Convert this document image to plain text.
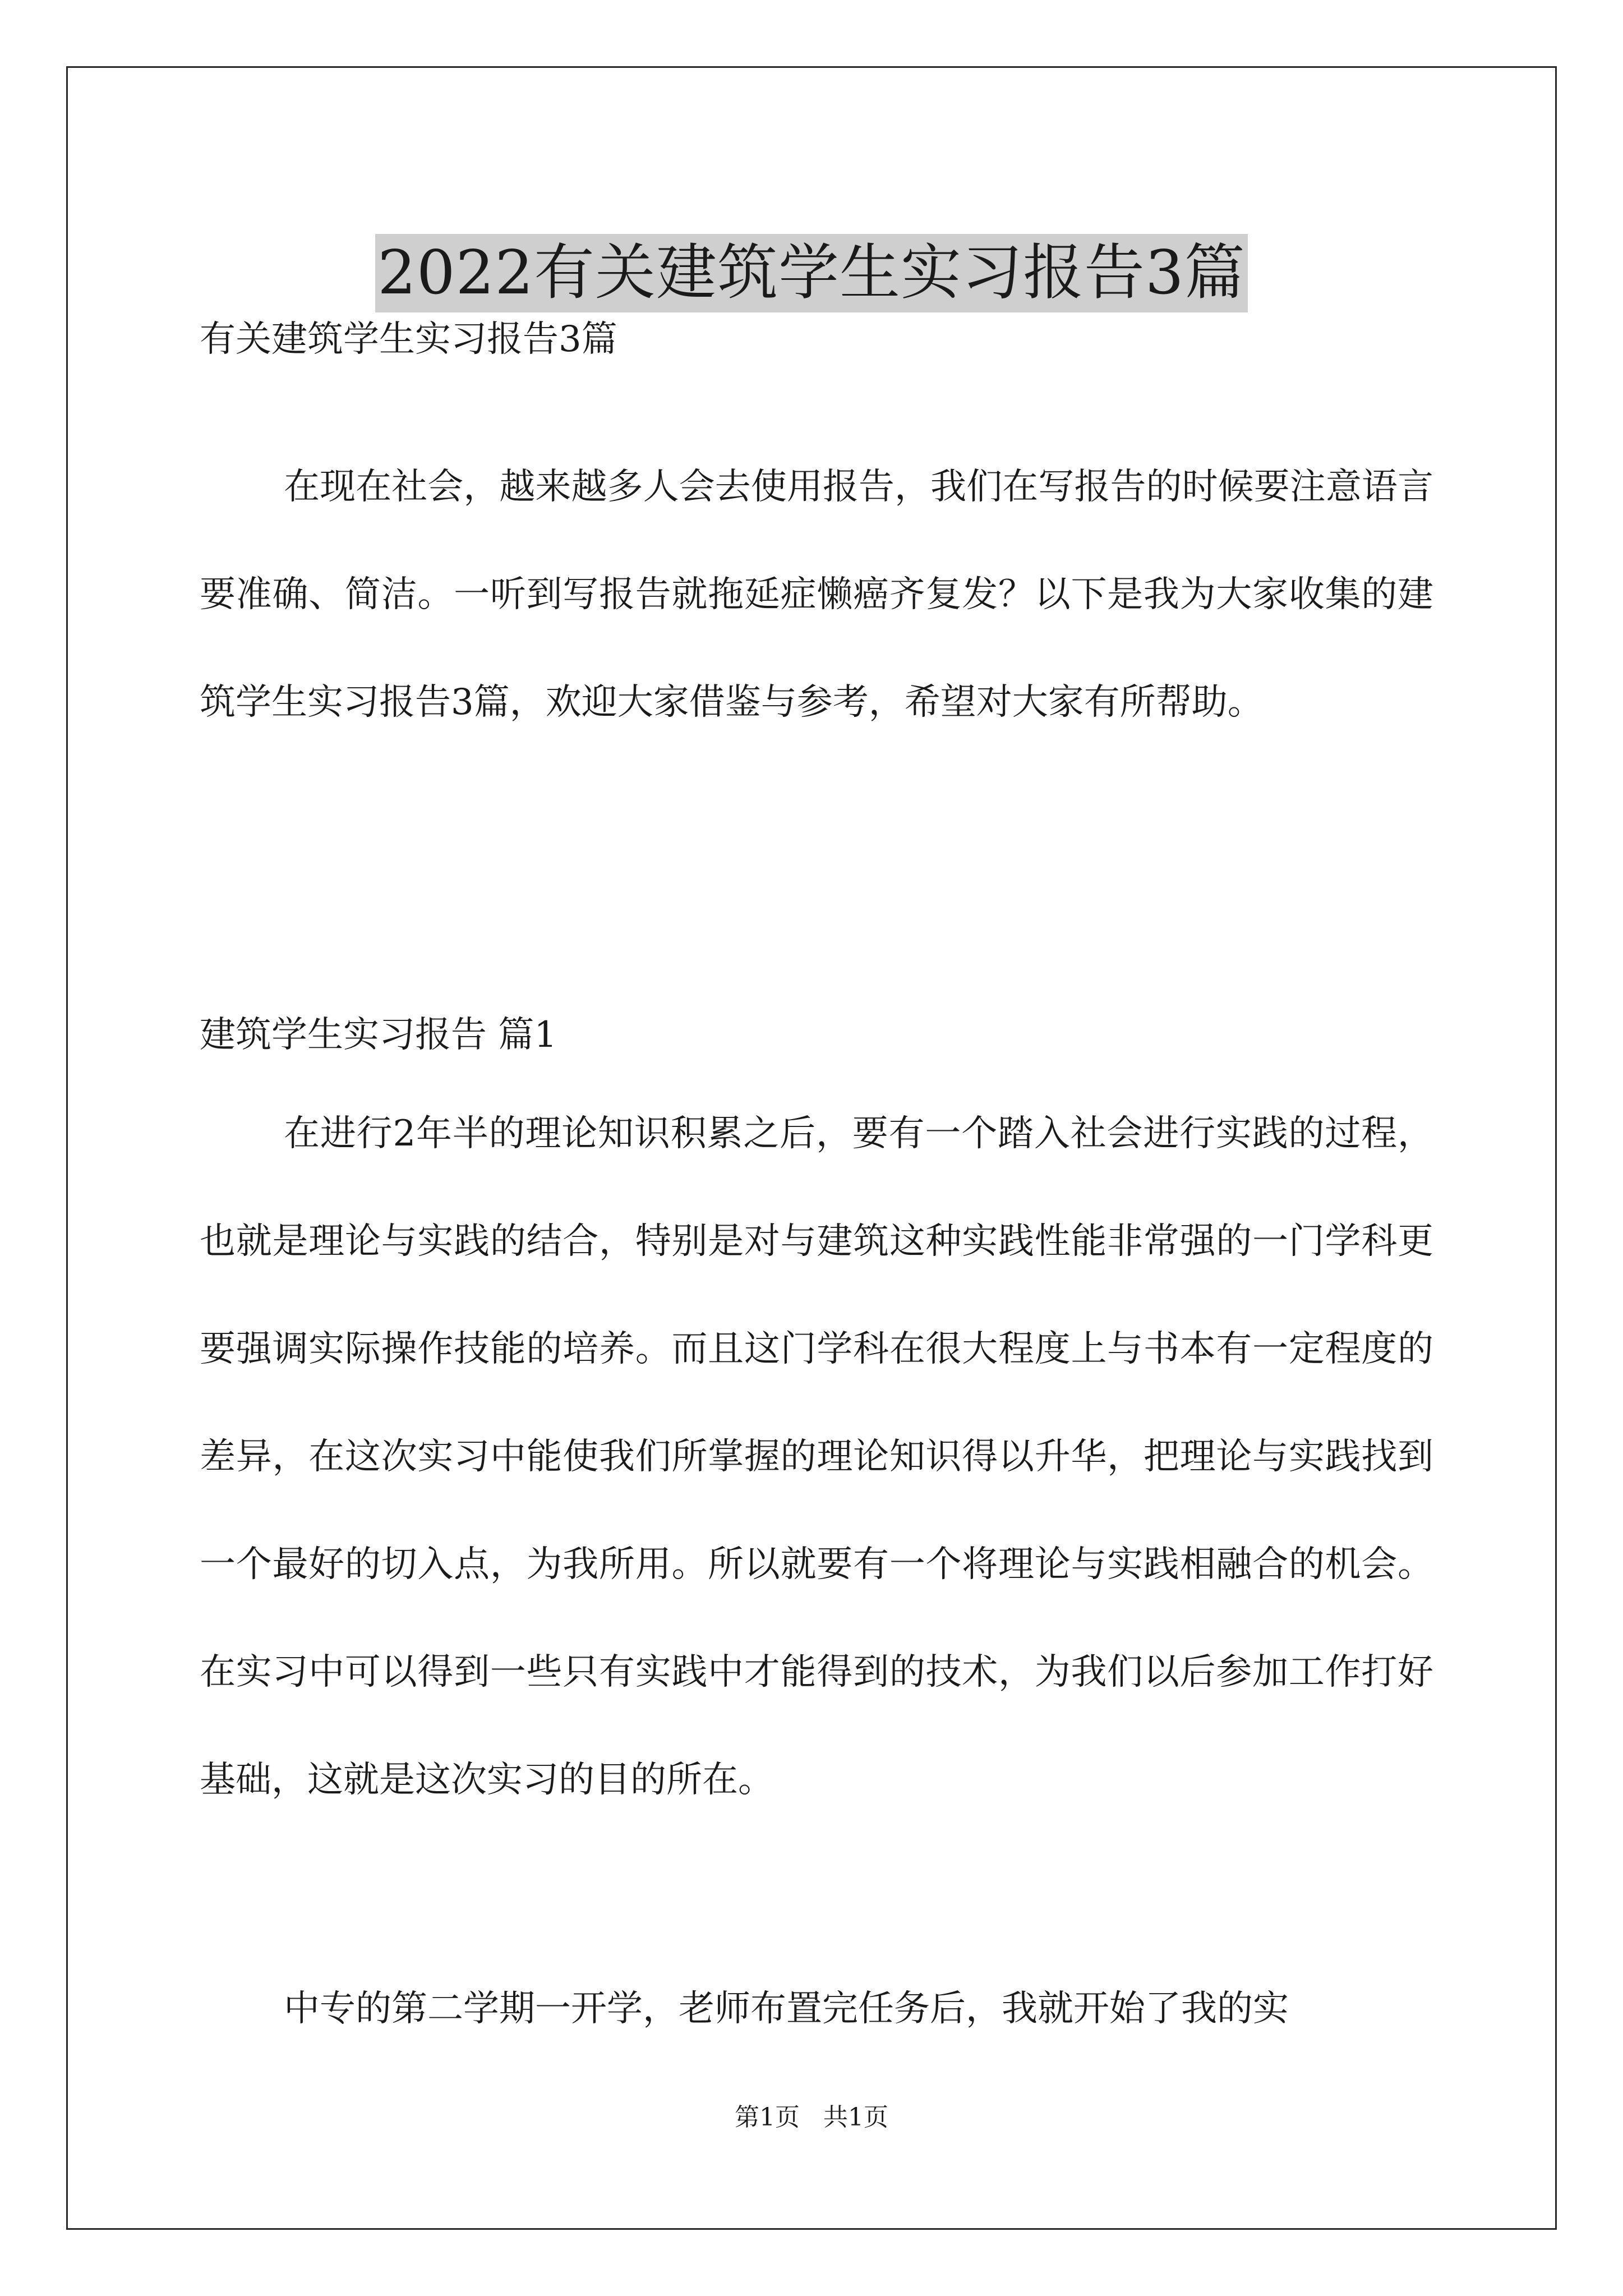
2022有关建筑学生实习报告3篇
有关建筑学生实习报告3篇

在现在社会，越来越多人会去使用报告，我们在写报告的时候要注意语言要准确、简洁。一听到写报告就拖延症懒癌齐复发？以下是我为大家收集的建筑学生实习报告3篇，欢迎大家借鉴与参考，希望对大家有所帮助。

建筑学生实习报告 篇1

在进行2年半的理论知识积累之后，要有一个踏入社会进行实践的过程，也就是理论与实践的结合，特别是对与建筑这种实践性能非常强的一门学科更要强调实际操作技能的培养。而且这门学科在很大程度上与书本有一定程度的差异，在这次实习中能使我们所掌握的理论知识得以升华，把理论与实践找到一个最好的切入点，为我所用。所以就要有一个将理论与实践相融合的机会。在实习中可以得到一些只有实践中才能得到的技术，为我们以后参加工作打好基础，这就是这次实习的目的所在。

中专的第二学期一开学，老师布置完任务后，我就开始了我的实

第1页 共1页
